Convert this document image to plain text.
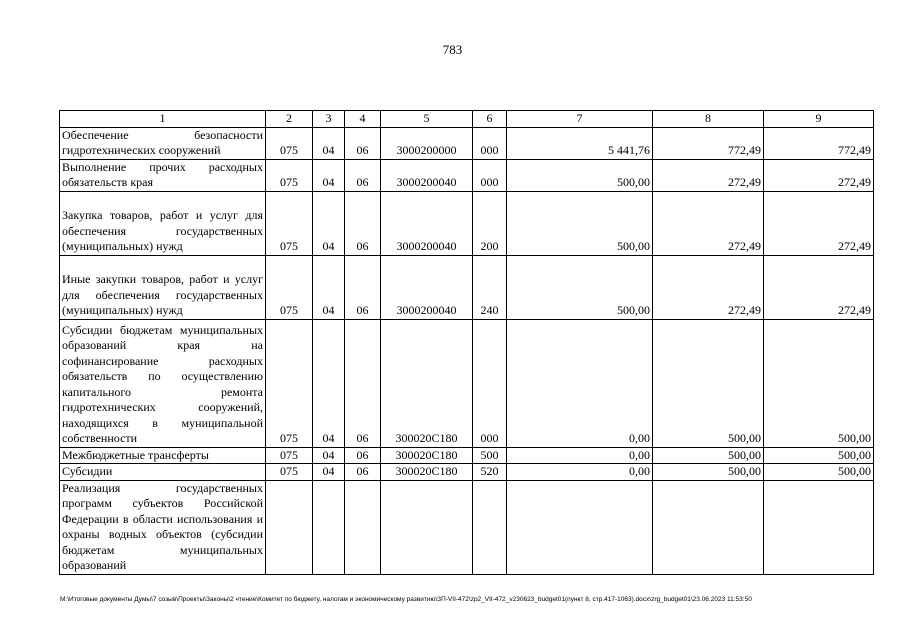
783
1	2	3	4	5	6	7	8	9
Обеспечение безопасности гидротехнических сооружений	075	04	06	3000200000	000	5 441,76	772,49	772,49
Выполнение прочих расходных обязательств края	075	04	06	3000200040	000	500,00	272,49	272,49
Закупка товаров, работ и услуг для обеспечения государственных (муниципальных) нужд	075	04	06	3000200040	200	500,00	272,49	272,49
Иные закупки товаров, работ и услуг для обеспечения государственных (муниципальных) нужд	075	04	06	3000200040	240	500,00	272,49	272,49
Субсидии бюджетам муниципальных образований края на софинансирование расходных обязательств по осуществлению капитального ремонта гидротехнических сооружений, находящихся в муниципальной собственности	075	04	06	300020С180	000	0,00	500,00	500,00
Межбюджетные трансферты	075	04	06	300020С180	500	0,00	500,00	500,00
Субсидии	075	04	06	300020С180	520	0,00	500,00	500,00
Реализация государственных программ субъектов Российской Федерации в области использования и охраны водных объектов (субсидии бюджетам муниципальных образований								
M:\Итоговые документы Думы\7 созыв\Проекты\Законы\2 чтение\Комитет по бюджету, налогам и экономическому развитию\ЗП-VII-472\zp2_VII-472_v230623_budget01(пункт 8, стр.417-1063).docx\zrg_budget01\23.06.2023 11:53:50
